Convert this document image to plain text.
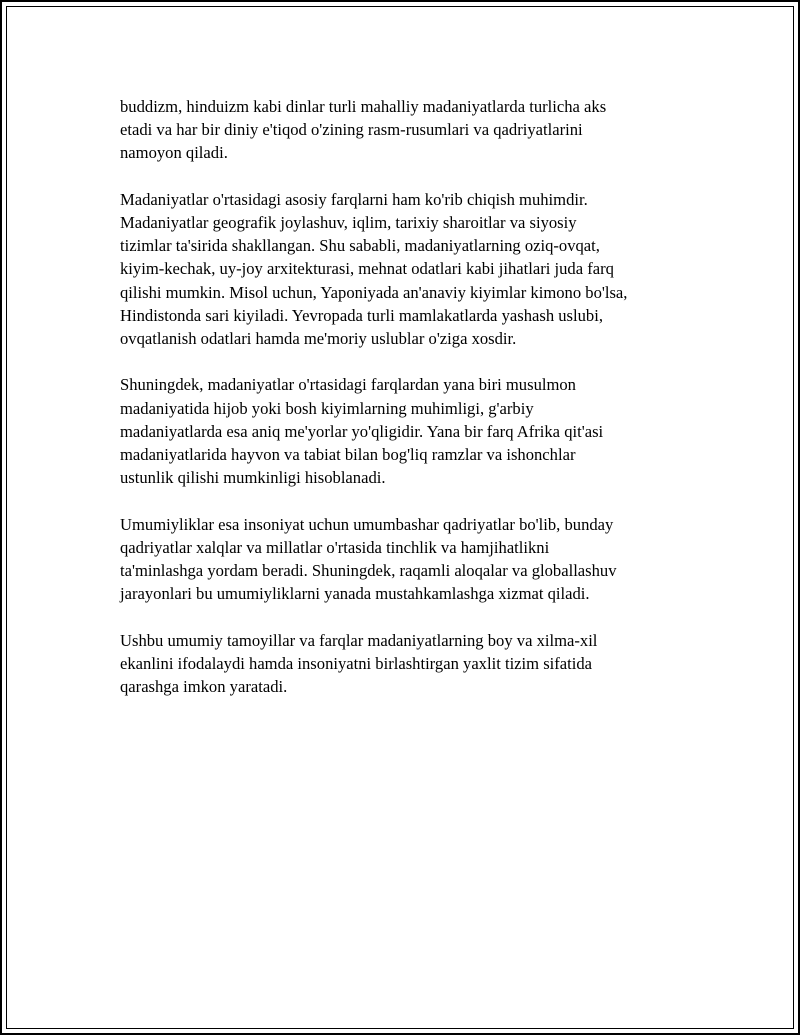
buddizm, hinduizm kabi dinlar turli mahalliy madaniyatlarda turlicha aks
etadi va har bir diniy e'tiqod o'zining rasm-rusumlari va qadriyatlarini
namoyon qiladi.

Madaniyatlar o'rtasidagi asosiy farqlarni ham ko'rib chiqish muhimdir.
Madaniyatlar geografik joylashuv, iqlim, tarixiy sharoitlar va siyosiy
tizimlar ta'sirida shakllangan. Shu sababli, madaniyatlarning oziq-ovqat,
kiyim-kechak, uy-joy arxitekturasi, mehnat odatlari kabi jihatlari juda farq
qilishi mumkin. Misol uchun, Yaponiyada an'anaviy kiyimlar kimono bo'lsa,
Hindistonda sari kiyiladi. Yevropada turli mamlakatlarda yashash uslubi,
ovqatlanish odatlari hamda me'moriy uslublar o'ziga xosdir.

Shuningdek, madaniyatlar o'rtasidagi farqlardan yana biri musulmon
madaniyatida hijob yoki bosh kiyimlarning muhimligi, g'arbiy
madaniyatlarda esa aniq me'yorlar yo'qligidir. Yana bir farq Afrika qit'asi
madaniyatlarida hayvon va tabiat bilan bog'liq ramzlar va ishonchlar
ustunlik qilishi mumkinligi hisoblanadi.

Umumiyliklar esa insoniyat uchun umumbashar qadriyatlar bo'lib, bunday
qadriyatlar xalqlar va millatlar o'rtasida tinchlik va hamjihatlikni
ta'minlashga yordam beradi. Shuningdek, raqamli aloqalar va globallashuv
jarayonlari bu umumiyliklarni yanada mustahkamlashga xizmat qiladi.

Ushbu umumiy tamoyillar va farqlar madaniyatlarning boy va xilma-xil
ekanlini ifodalaydi hamda insoniyatni birlashtirgan yaxlit tizim sifatida
qarashga imkon yaratadi.
